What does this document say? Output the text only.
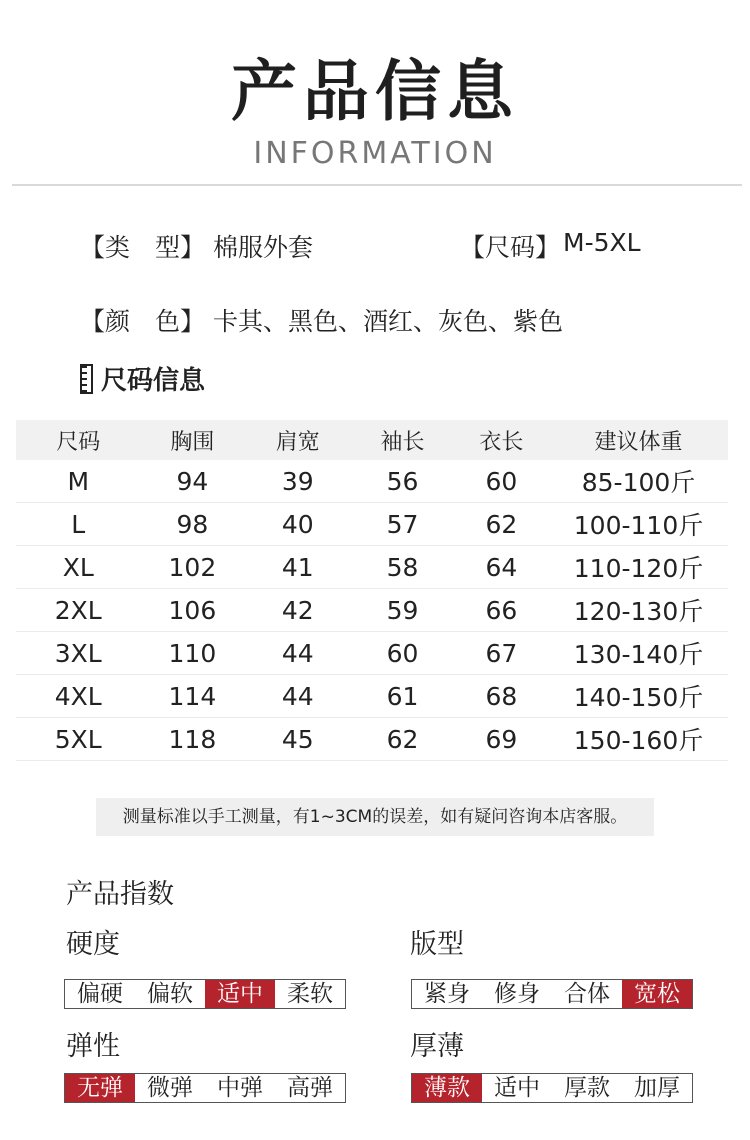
产品信息
INFORMATION
【类　型】 棉服外套	【尺码】 M-5XL
【颜　色】 卡其、黑色、酒红、灰色、紫色
尺码信息
尺码	胸围	肩宽	袖长	衣长	建议体重
M	94	39	56	60	85-100斤
L	98	40	57	62	100-110斤
XL	102	41	58	64	110-120斤
2XL	106	42	59	66	120-130斤
3XL	110	44	60	67	130-140斤
4XL	114	44	61	68	140-150斤
5XL	118	45	62	69	150-160斤
测量标准以手工测量，有1~3CM的误差，如有疑问咨询本店客服。
产品指数
硬度
偏硬	偏软	适中	柔软
版型
紧身	修身	合体	宽松
弹性
无弹	微弹	中弹	高弹
厚薄
薄款	适中	厚款	加厚
